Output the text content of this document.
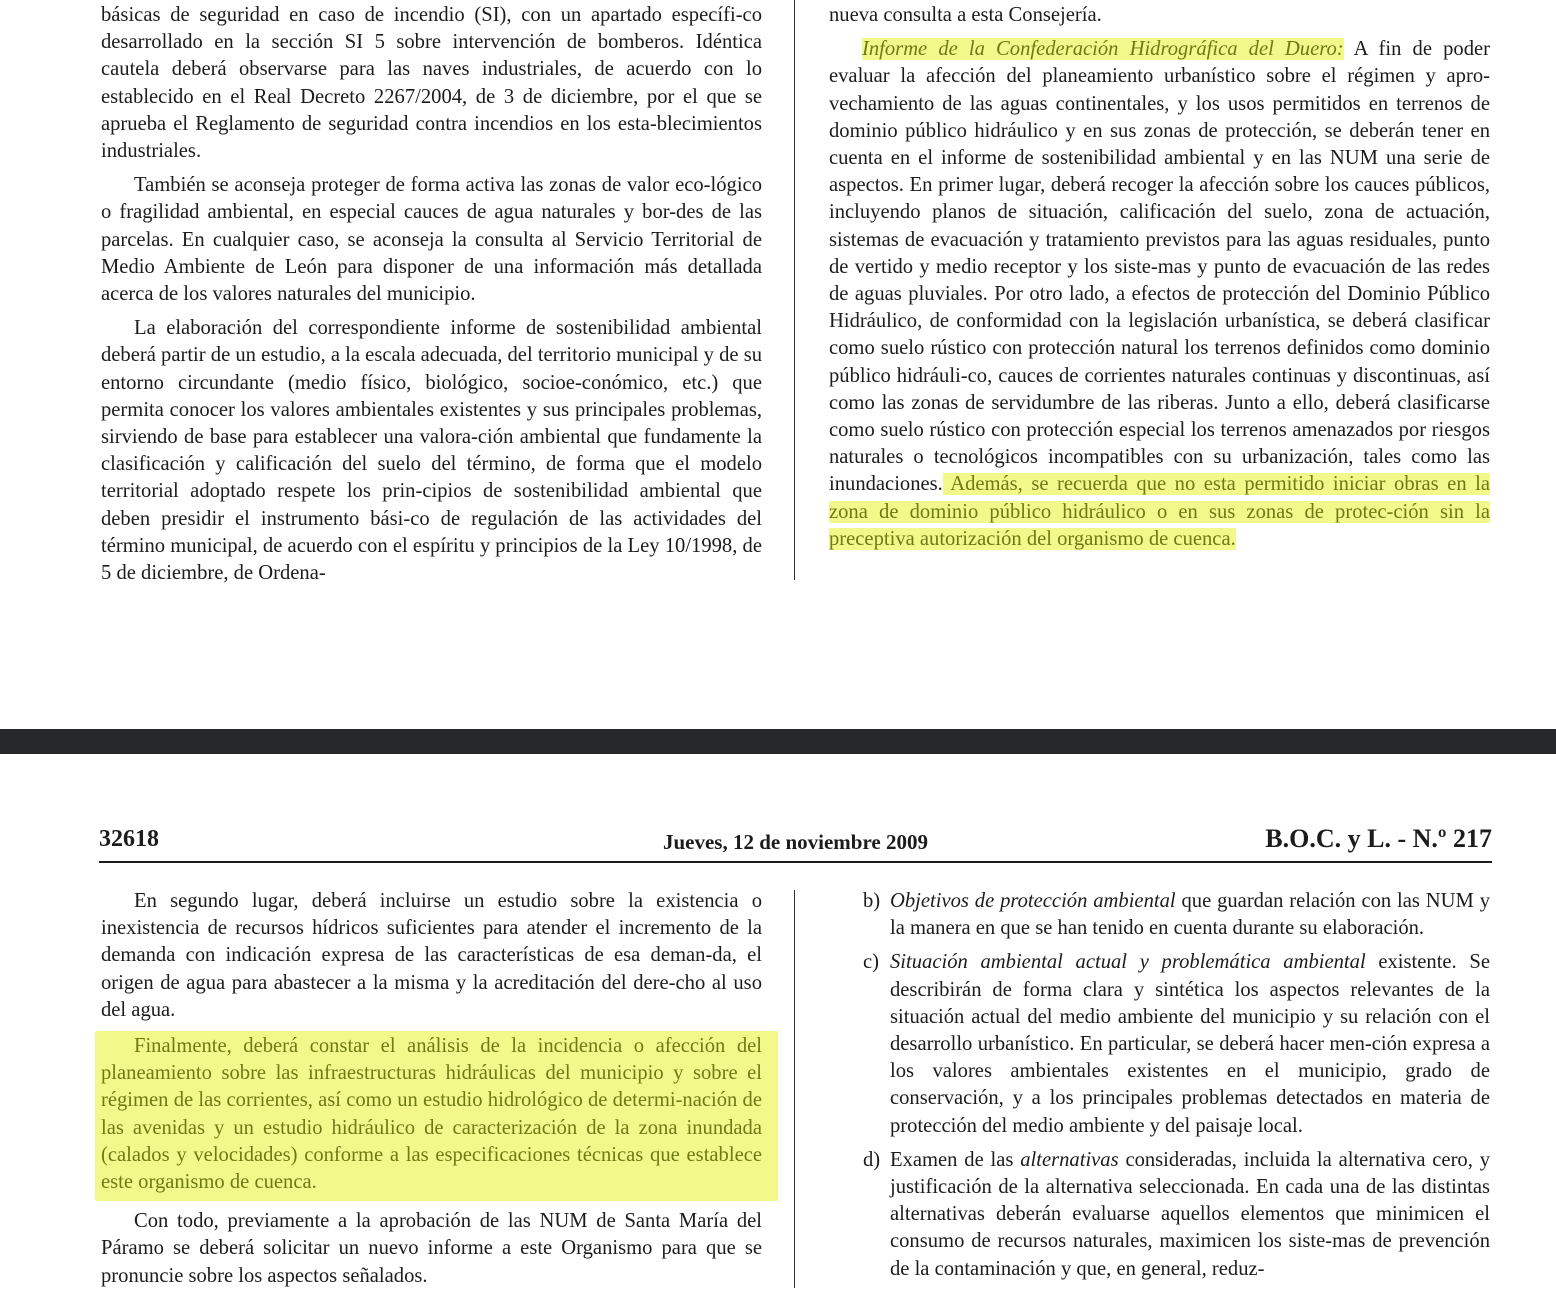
básicas de seguridad en caso de incendio (SI), con un apartado específi-co desarrollado en la sección SI 5 sobre intervención de bomberos. Idéntica cautela deberá observarse para las naves industriales, de acuerdo con lo establecido en el Real Decreto 2267/2004, de 3 de diciembre, por el que se aprueba el Reglamento de seguridad contra incendios en los esta-blecimientos industriales.

También se aconseja proteger de forma activa las zonas de valor eco-lógico o fragilidad ambiental, en especial cauces de agua naturales y bor-des de las parcelas. En cualquier caso, se aconseja la consulta al Servicio Territorial de Medio Ambiente de León para disponer de una información más detallada acerca de los valores naturales del municipio.

La elaboración del correspondiente informe de sostenibilidad ambiental deberá partir de un estudio, a la escala adecuada, del territorio municipal y de su entorno circundante (medio físico, biológico, socioe-conómico, etc.) que permita conocer los valores ambientales existentes y sus principales problemas, sirviendo de base para establecer una valora-ción ambiental que fundamente la clasificación y calificación del suelo del término, de forma que el modelo territorial adoptado respete los prin-cipios de sostenibilidad ambiental que deben presidir el instrumento bási-co de regulación de las actividades del término municipal, de acuerdo con el espíritu y principios de la Ley 10/1998, de 5 de diciembre, de Ordena-

nueva consulta a esta Consejería.

Informe de la Confederación Hidrográfica del Duero: A fin de poder evaluar la afección del planeamiento urbanístico sobre el régimen y apro-vechamiento de las aguas continentales, y los usos permitidos en terrenos de dominio público hidráulico y en sus zonas de protección, se deberán tener en cuenta en el informe de sostenibilidad ambiental y en las NUM una serie de aspectos. En primer lugar, deberá recoger la afección sobre los cauces públicos, incluyendo planos de situación, calificación del suelo, zona de actuación, sistemas de evacuación y tratamiento previstos para las aguas residuales, punto de vertido y medio receptor y los siste-mas y punto de evacuación de las redes de aguas pluviales. Por otro lado, a efectos de protección del Dominio Público Hidráulico, de conformidad con la legislación urbanística, se deberá clasificar como suelo rústico con protección natural los terrenos definidos como dominio público hidráuli-co, cauces de corrientes naturales continuas y discontinuas, así como las zonas de servidumbre de las riberas. Junto a ello, deberá clasificarse como suelo rústico con protección especial los terrenos amenazados por riesgos naturales o tecnológicos incompatibles con su urbanización, tales como las inundaciones. Además, se recuerda que no esta permitido iniciar obras en la zona de dominio público hidráulico o en sus zonas de protec-ción sin la preceptiva autorización del organismo de cuenca.

32618	Jueves, 12 de noviembre 2009	B.O.C. y L. - N.º 217

En segundo lugar, deberá incluirse un estudio sobre la existencia o inexistencia de recursos hídricos suficientes para atender el incremento de la demanda con indicación expresa de las características de esa deman-da, el origen de agua para abastecer a la misma y la acreditación del dere-cho al uso del agua.

Finalmente, deberá constar el análisis de la incidencia o afección del planeamiento sobre las infraestructuras hidráulicas del municipio y sobre el régimen de las corrientes, así como un estudio hidrológico de determi-nación de las avenidas y un estudio hidráulico de caracterización de la zona inundada (calados y velocidades) conforme a las especificaciones técnicas que establece este organismo de cuenca.

Con todo, previamente a la aprobación de las NUM de Santa María del Páramo se deberá solicitar un nuevo informe a este Organismo para que se pronuncie sobre los aspectos señalados.

b) Objetivos de protección ambiental que guardan relación con las NUM y la manera en que se han tenido en cuenta durante su elaboración.
c) Situación ambiental actual y problemática ambiental existente. Se describirán de forma clara y sintética los aspectos relevantes de la situación actual del medio ambiente del municipio y su relación con el desarrollo urbanístico. En particular, se deberá hacer men-ción expresa a los valores ambientales existentes en el municipio, grado de conservación, y a los principales problemas detectados en materia de protección del medio ambiente y del paisaje local.
d) Examen de las alternativas consideradas, incluida la alternativa cero, y justificación de la alternativa seleccionada. En cada una de las distintas alternativas deberán evaluarse aquellos elementos que minimicen el consumo de recursos naturales, maximicen los siste-mas de prevención de la contaminación y que, en general, reduz-
